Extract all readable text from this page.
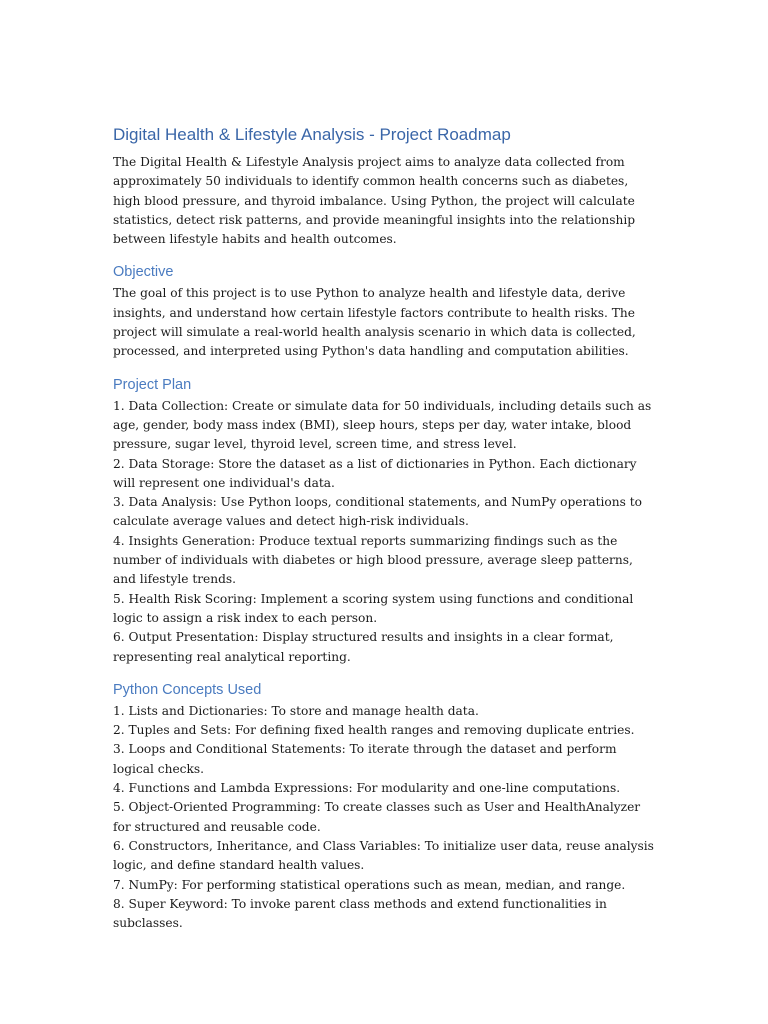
Digital Health & Lifestyle Analysis - Project Roadmap

The Digital Health & Lifestyle Analysis project aims to analyze data collected from approximately 50 individuals to identify common health concerns such as diabetes, high blood pressure, and thyroid imbalance. Using Python, the project will calculate statistics, detect risk patterns, and provide meaningful insights into the relationship between lifestyle habits and health outcomes.

Objective

The goal of this project is to use Python to analyze health and lifestyle data, derive insights, and understand how certain lifestyle factors contribute to health risks. The project will simulate a real-world health analysis scenario in which data is collected, processed, and interpreted using Python's data handling and computation abilities.

Project Plan
1. Data Collection: Create or simulate data for 50 individuals, including details such as age, gender, body mass index (BMI), sleep hours, steps per day, water intake, blood pressure, sugar level, thyroid level, screen time, and stress level.
2. Data Storage: Store the dataset as a list of dictionaries in Python. Each dictionary will represent one individual's data.
3. Data Analysis: Use Python loops, conditional statements, and NumPy operations to calculate average values and detect high-risk individuals.
4. Insights Generation: Produce textual reports summarizing findings such as the number of individuals with diabetes or high blood pressure, average sleep patterns, and lifestyle trends.
5. Health Risk Scoring: Implement a scoring system using functions and conditional logic to assign a risk index to each person.
6. Output Presentation: Display structured results and insights in a clear format, representing real analytical reporting.
Python Concepts Used
1. Lists and Dictionaries: To store and manage health data.
2. Tuples and Sets: For defining fixed health ranges and removing duplicate entries.
3. Loops and Conditional Statements: To iterate through the dataset and perform logical checks.
4. Functions and Lambda Expressions: For modularity and one-line computations.
5. Object-Oriented Programming: To create classes such as User and HealthAnalyzer for structured and reusable code.
6. Constructors, Inheritance, and Class Variables: To initialize user data, reuse analysis logic, and define standard health values.
7. NumPy: For performing statistical operations such as mean, median, and range.
8. Super Keyword: To invoke parent class methods and extend functionalities in subclasses.
